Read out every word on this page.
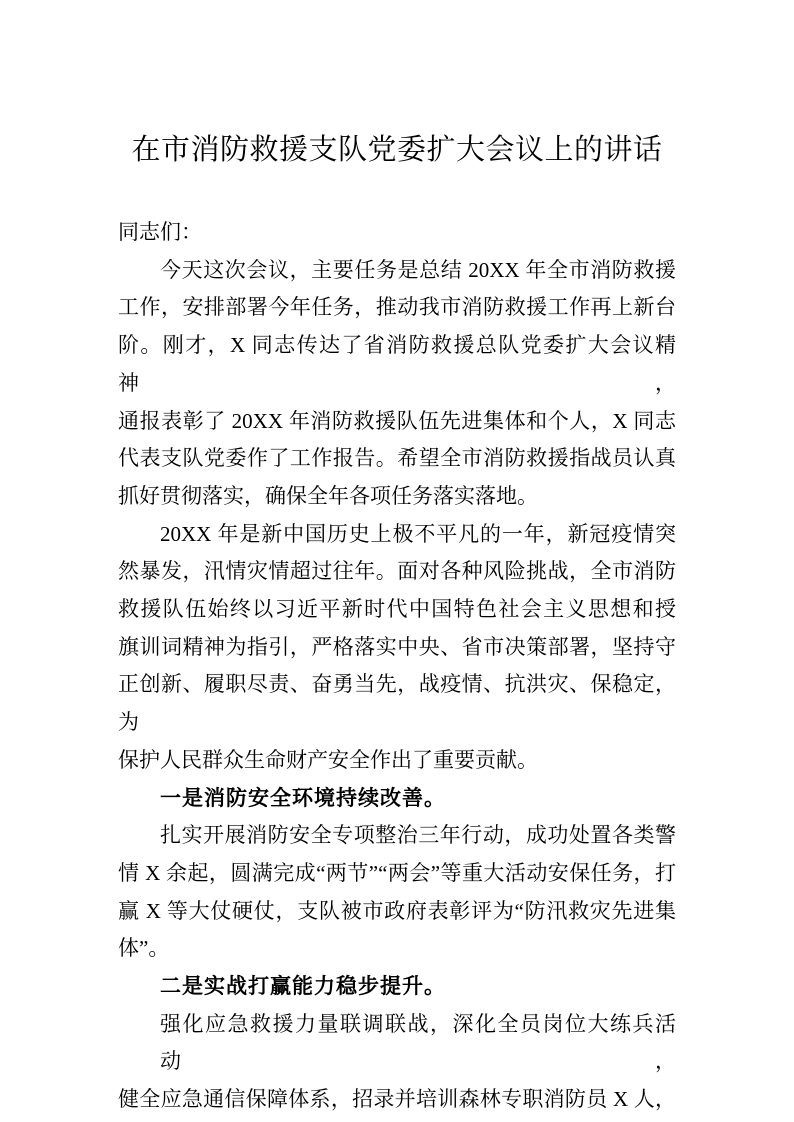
在市消防救援支队党委扩大会议上的讲话
同志们：
今天这次会议，主要任务是总结 20XX 年全市消防救援
工作，安排部署今年任务，推动我市消防救援工作再上新台
阶。刚才，X 同志传达了省消防救援总队党委扩大会议精神，
通报表彰了 20XX 年消防救援队伍先进集体和个人，X 同志
代表支队党委作了工作报告。希望全市消防救援指战员认真
抓好贯彻落实，确保全年各项任务落实落地。
20XX 年是新中国历史上极不平凡的一年，新冠疫情突
然暴发，汛情灾情超过往年。面对各种风险挑战，全市消防
救援队伍始终以习近平新时代中国特色社会主义思想和授
旗训词精神为指引，严格落实中央、省市决策部署，坚持守
正创新、履职尽责、奋勇当先，战疫情、抗洪灾、保稳定，为
保护人民群众生命财产安全作出了重要贡献。
一是消防安全环境持续改善。
扎实开展消防安全专项整治三年行动，成功处置各类警
情 X 余起，圆满完成“两节”“两会”等重大活动安保任务，打
赢 X 等大仗硬仗，支队被市政府表彰评为“防汛救灾先进集
体”。
二是实战打赢能力稳步提升。
强化应急救援力量联调联战，深化全员岗位大练兵活动，
健全应急通信保障体系，招录并培训森林专职消防员 X 人，
